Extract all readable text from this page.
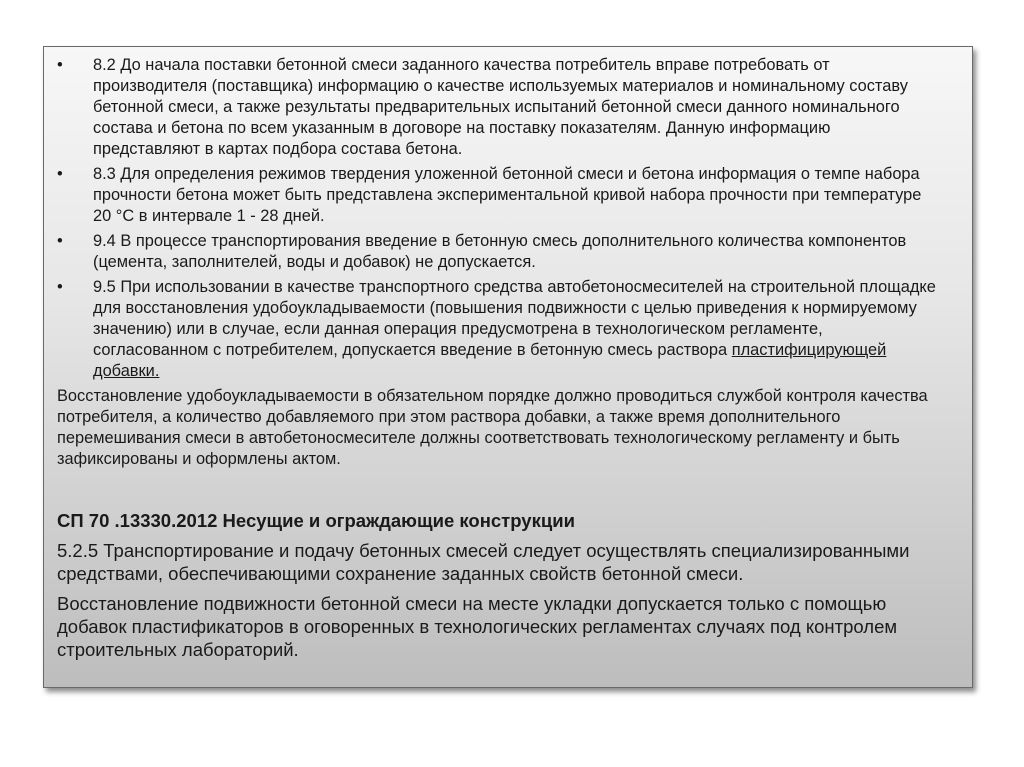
•	8.2 До начала поставки бетонной смеси заданного качества потребитель вправе потребовать от производителя (поставщика) информацию о качестве используемых материалов и номинальному составу бетонной смеси, а также результаты предварительных испытаний бетонной смеси данного номинального состава и бетона по всем указанным в договоре на поставку показателям. Данную информацию представляют в картах подбора состава бетона.
•	8.3 Для определения режимов твердения уложенной бетонной смеси и бетона информация о темпе набора прочности бетона может быть представлена экспериментальной кривой набора прочности при температуре 20 °С в интервале 1 - 28 дней.
•	9.4 В процессе транспортирования введение в бетонную смесь дополнительного количества компонентов (цемента, заполнителей, воды и добавок) не допускается.
•	9.5 При использовании в качестве транспортного средства автобетоносмесителей на строительной площадке для восстановления удобоукладываемости (повышения подвижности с целью приведения к нормируемому значению) или в случае, если данная операция предусмотрена в технологическом регламенте, согласованном с потребителем, допускается введение в бетонную смесь раствора пластифицирующей добавки.

Восстановление удобоукладываемости в обязательном порядке должно проводиться службой контроля качества потребителя, а количество добавляемого при этом раствора добавки, а также время дополнительного перемешивания смеси в автобетоносмесителе должны соответствовать технологическому регламенту и быть зафиксированы и оформлены актом.

СП 70 .13330.2012 Несущие и ограждающие конструкции

5.2.5 Транспортирование и подачу бетонных смесей следует осуществлять специализированными средствами, обеспечивающими сохранение заданных свойств бетонной смеси.

Восстановление подвижности бетонной смеси на месте укладки допускается только с помощью добавок пластификаторов в оговоренных в технологических регламентах случаях под контролем строительных лабораторий.
